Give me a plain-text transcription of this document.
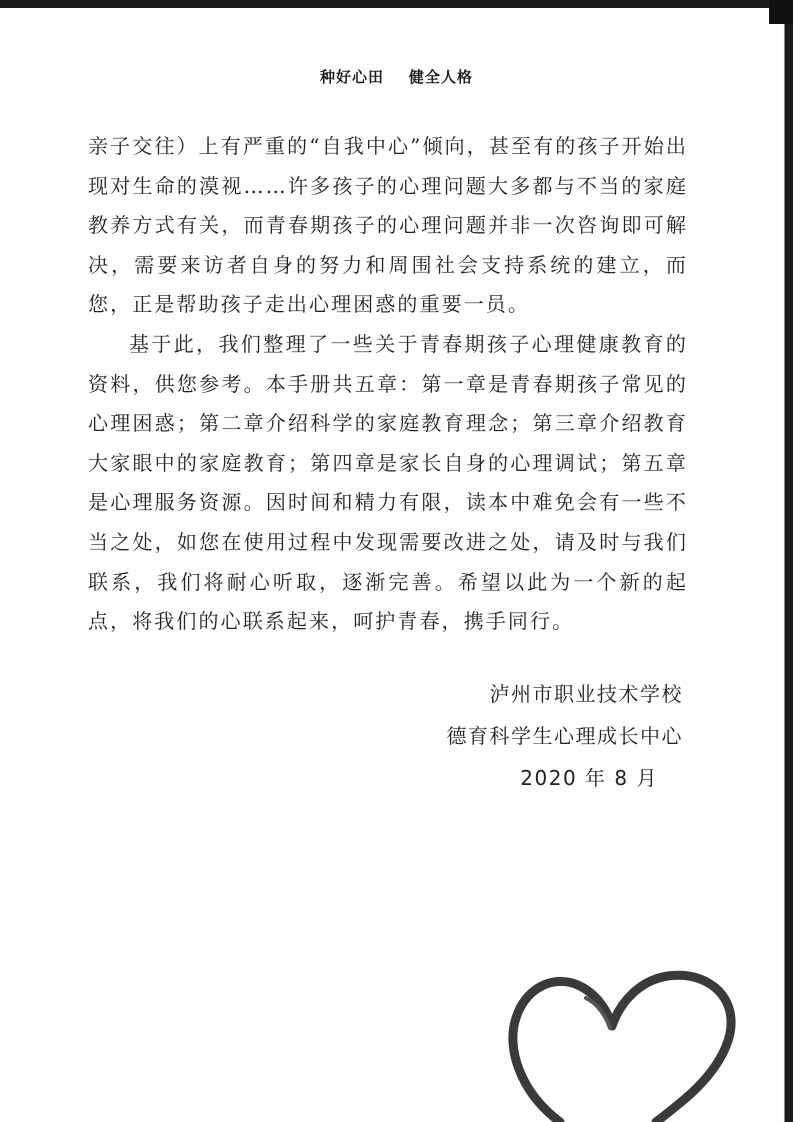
种好心田    健全人格

亲子交往）上有严重的“自我中心”倾向，甚至有的孩子开始出现对生命的漠视……许多孩子的心理问题大多都与不当的家庭教养方式有关，而青春期孩子的心理问题并非一次咨询即可解决，需要来访者自身的努力和周围社会支持系统的建立，而您，正是帮助孩子走出心理困惑的重要一员。

基于此，我们整理了一些关于青春期孩子心理健康教育的资料，供您参考。本手册共五章：第一章是青春期孩子常见的心理困惑；第二章介绍科学的家庭教育理念；第三章介绍教育大家眼中的家庭教育；第四章是家长自身的心理调试；第五章是心理服务资源。因时间和精力有限，读本中难免会有一些不当之处，如您在使用过程中发现需要改进之处，请及时与我们联系，我们将耐心听取，逐渐完善。希望以此为一个新的起点，将我们的心联系起来，呵护青春，携手同行。

泸州市职业技术学校
德育科学生心理成长中心
2020 年 8 月
